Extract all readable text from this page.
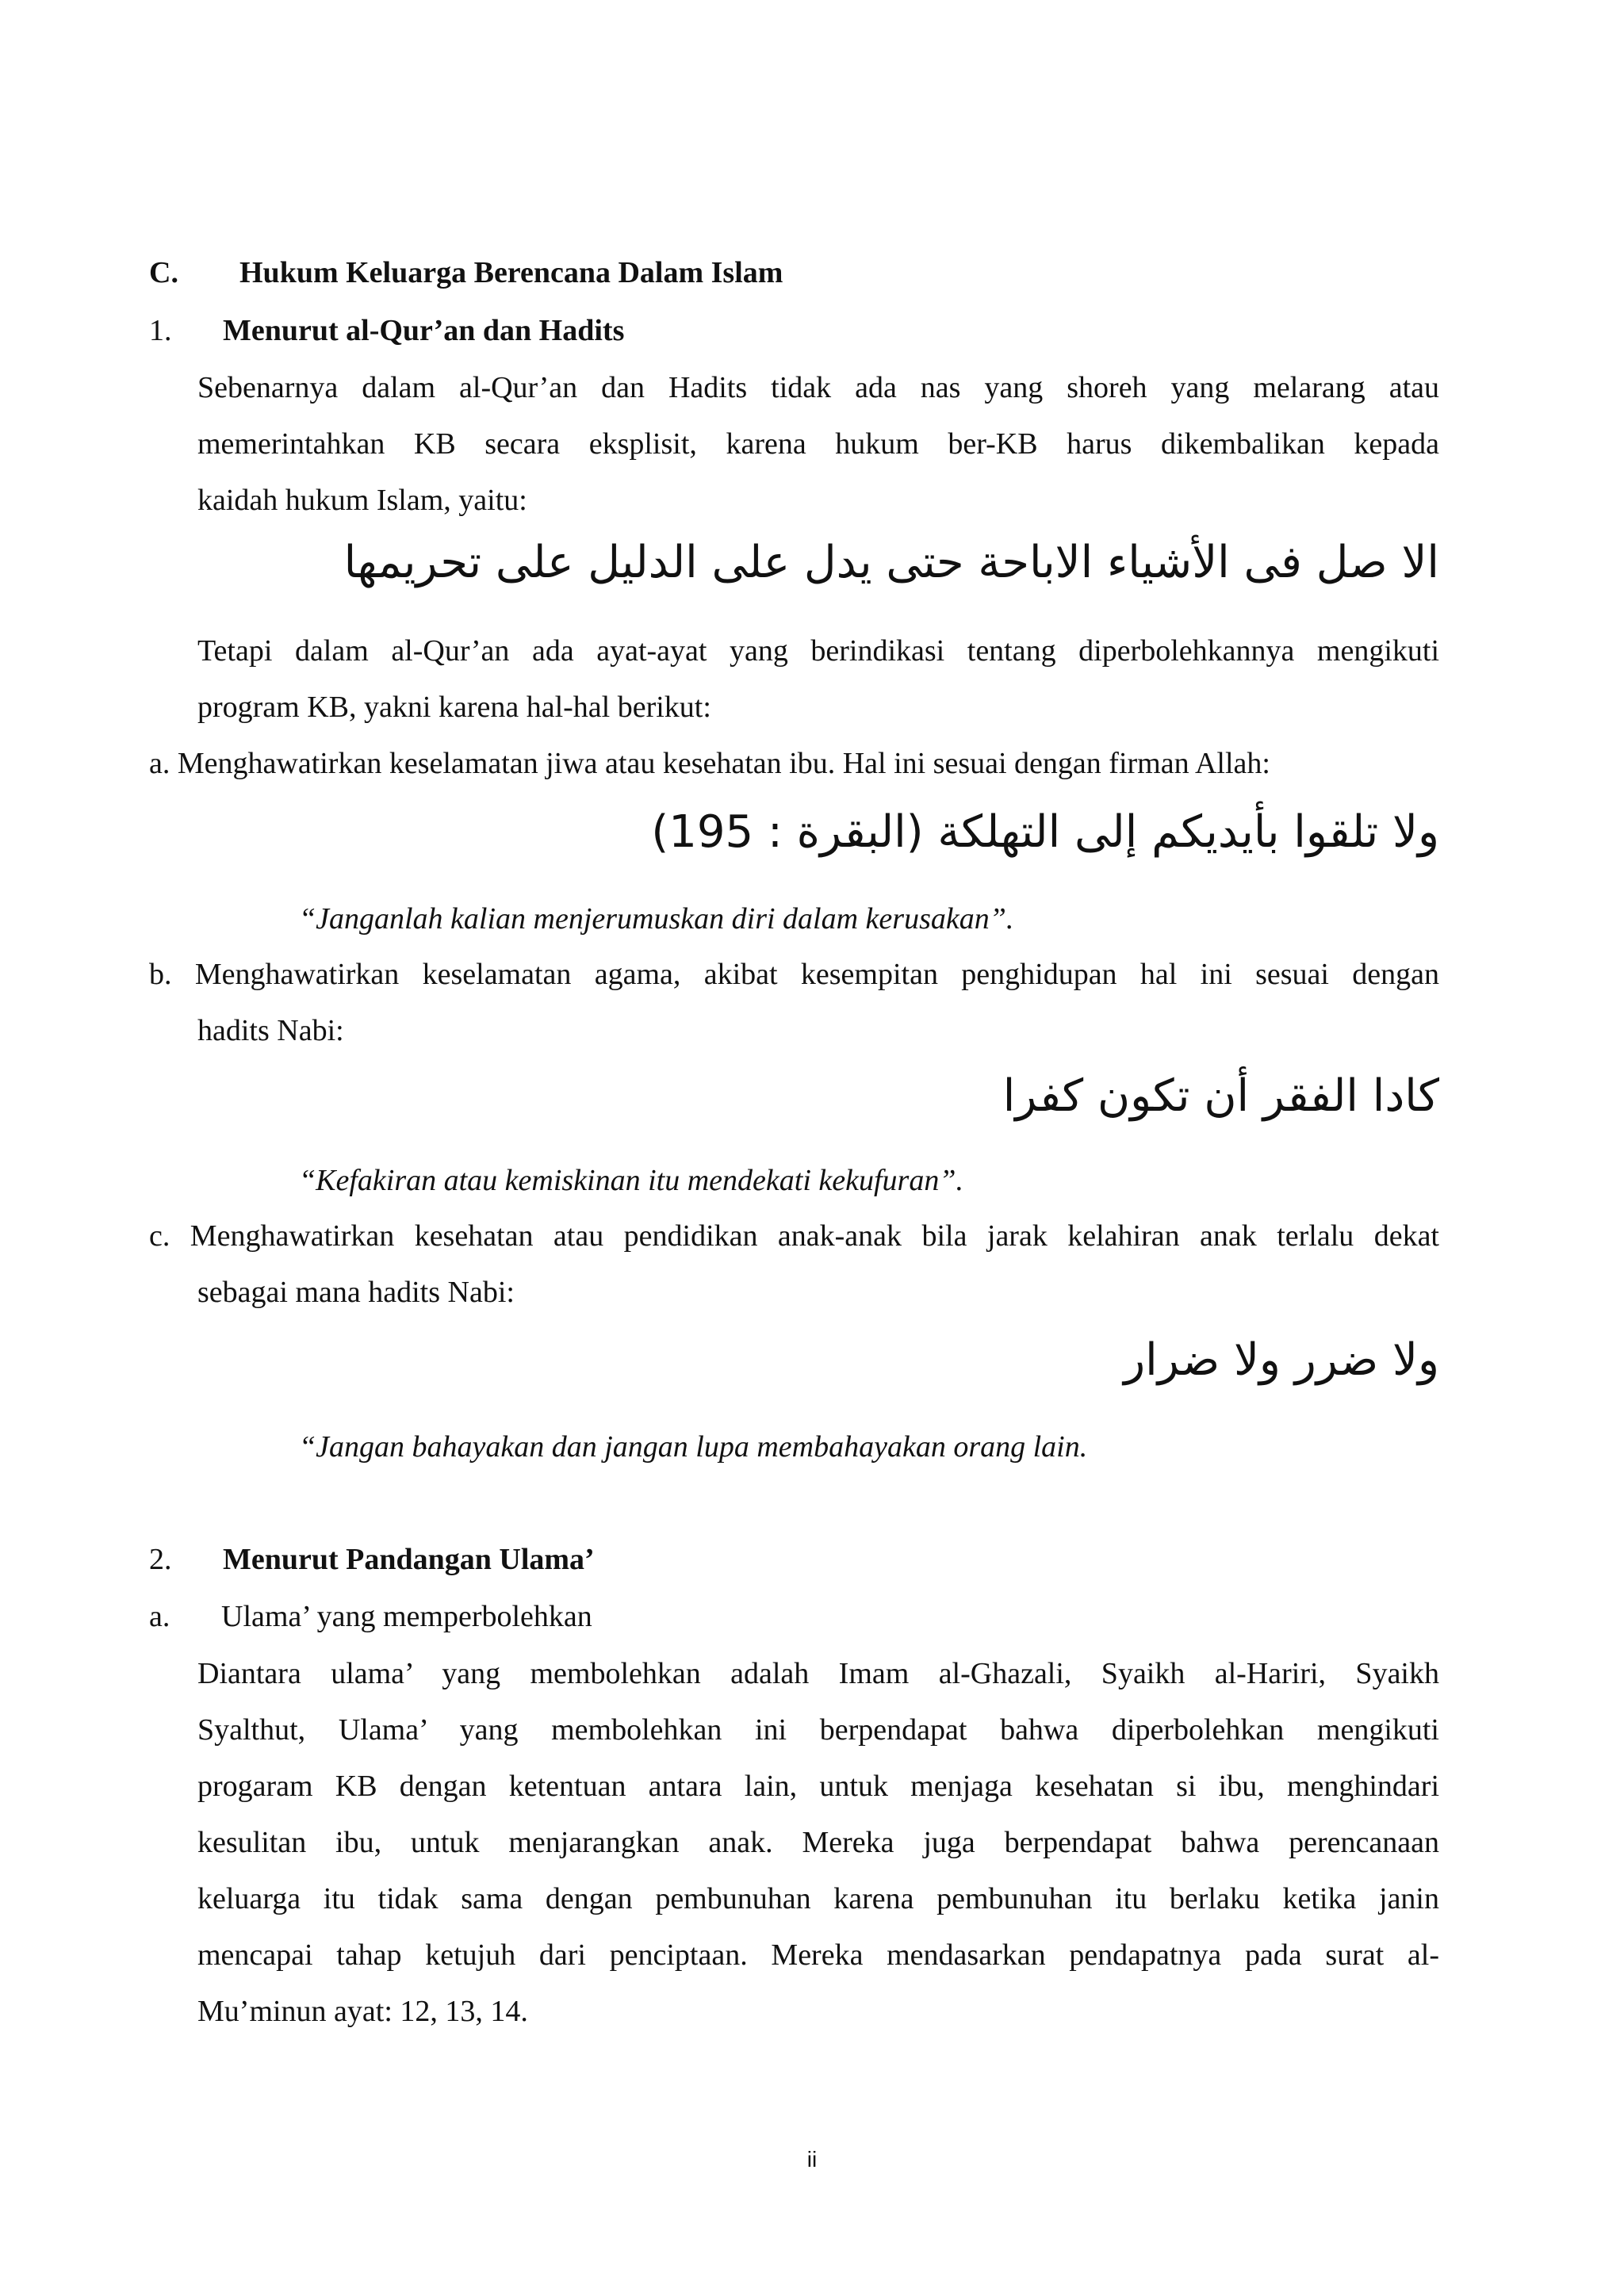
C. Hukum Keluarga Berencana Dalam Islam
1. Menurut al-Qur’an dan Hadits
Sebenarnya dalam al-Qur’an dan Hadits tidak ada nas yang shoreh yang melarang atau
memerintahkan KB secara eksplisit, karena hukum ber-KB harus dikembalikan kepada
kaidah hukum Islam, yaitu:
الا صل فى الأشياء الاباحة حتى يدل على الدليل على تحريمها
Tetapi dalam al-Qur’an ada ayat-ayat yang berindikasi tentang diperbolehkannya mengikuti
program KB, yakni karena hal-hal berikut:
a. Menghawatirkan keselamatan jiwa atau kesehatan ibu. Hal ini sesuai dengan firman Allah:
ولا تلقوا بأيديكم إلى التهلكة (البقرة : 195)
“Janganlah kalian menjerumuskan diri dalam kerusakan”.
b. Menghawatirkan keselamatan agama, akibat kesempitan penghidupan hal ini sesuai dengan
hadits Nabi:
كادا الفقر أن تكون كفرا
“Kefakiran atau kemiskinan itu mendekati kekufuran”.
c. Menghawatirkan kesehatan atau pendidikan anak-anak bila jarak kelahiran anak terlalu dekat
sebagai mana hadits Nabi:
ولا ضرر ولا ضرار
“Jangan bahayakan dan jangan lupa membahayakan orang lain.
2. Menurut Pandangan Ulama’
a. Ulama’ yang memperbolehkan
Diantara ulama’ yang membolehkan adalah Imam al-Ghazali, Syaikh al-Hariri, Syaikh
Syalthut, Ulama’ yang membolehkan ini berpendapat bahwa diperbolehkan mengikuti
progaram KB dengan ketentuan antara lain, untuk menjaga kesehatan si ibu, menghindari
kesulitan ibu, untuk menjarangkan anak. Mereka juga berpendapat bahwa perencanaan
keluarga itu tidak sama dengan pembunuhan karena pembunuhan itu berlaku ketika janin
mencapai tahap ketujuh dari penciptaan. Mereka mendasarkan pendapatnya pada surat al-
Mu’minun ayat: 12, 13, 14.
ii
